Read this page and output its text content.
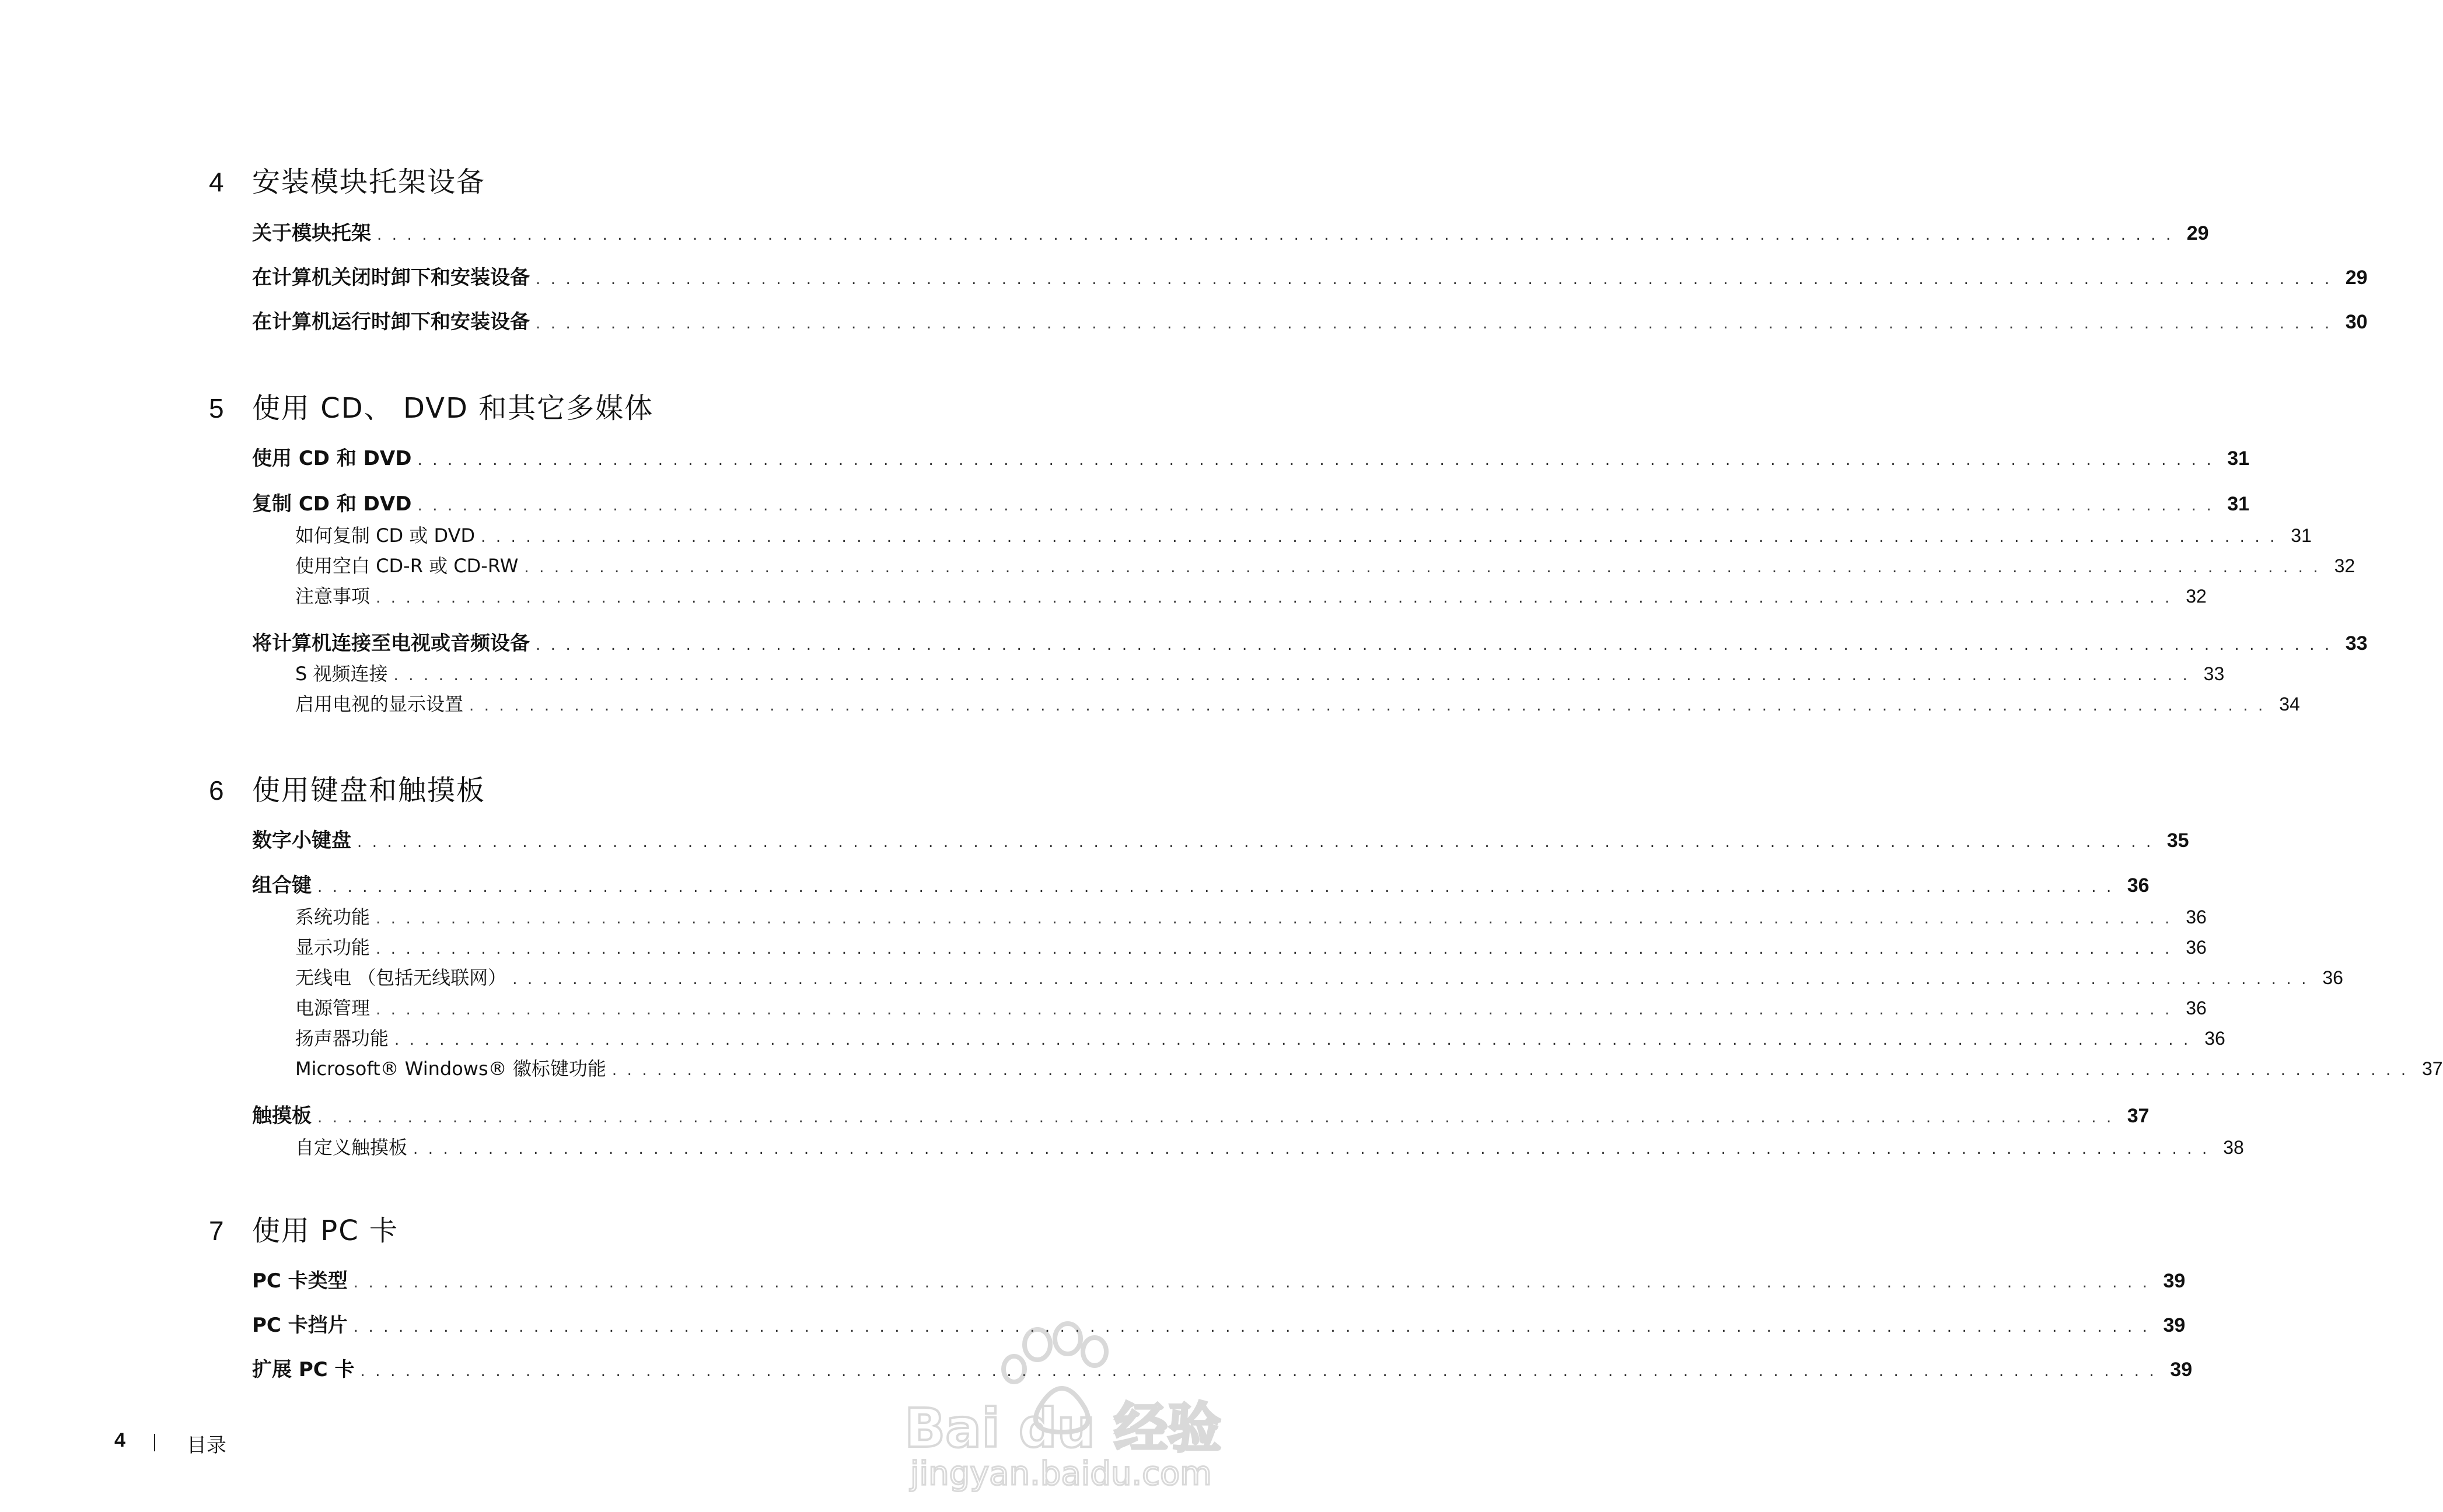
4 安装模块托架设备
关于模块托架 ........................................................................................................................ 29
在计算机关闭时卸下和安装设备 ........................................................................................................................ 29
在计算机运行时卸下和安装设备 ........................................................................................................................ 30
5 使用 CD、 DVD 和其它多媒体
使用 CD 和 DVD ........................................................................................................................ 31
复制 CD 和 DVD ........................................................................................................................ 31
如何复制 CD 或 DVD ........................................................................................................................ 31
使用空白 CD-R 或 CD-RW ........................................................................................................................ 32
注意事项 ........................................................................................................................ 32
将计算机连接至电视或音频设备 ........................................................................................................................ 33
S 视频连接 ........................................................................................................................ 33
启用电视的显示设置 ........................................................................................................................ 34
6 使用键盘和触摸板
数字小键盘 ........................................................................................................................ 35
组合键 ........................................................................................................................ 36
系统功能 ........................................................................................................................ 36
显示功能 ........................................................................................................................ 36
无线电 （包括无线联网） ........................................................................................................................ 36
电源管理 ........................................................................................................................ 36
扬声器功能 ........................................................................................................................ 36
Microsoft® Windows® 徽标键功能 ........................................................................................................................ 37
触摸板 ........................................................................................................................ 37
自定义触摸板 ........................................................................................................................ 38
7 使用 PC 卡
PC 卡类型 ........................................................................................................................ 39
PC 卡挡片 ........................................................................................................................ 39
扩展 PC 卡 ........................................................................................................................ 39
4	目录	Bai du 经验
jingyan.baidu.com
